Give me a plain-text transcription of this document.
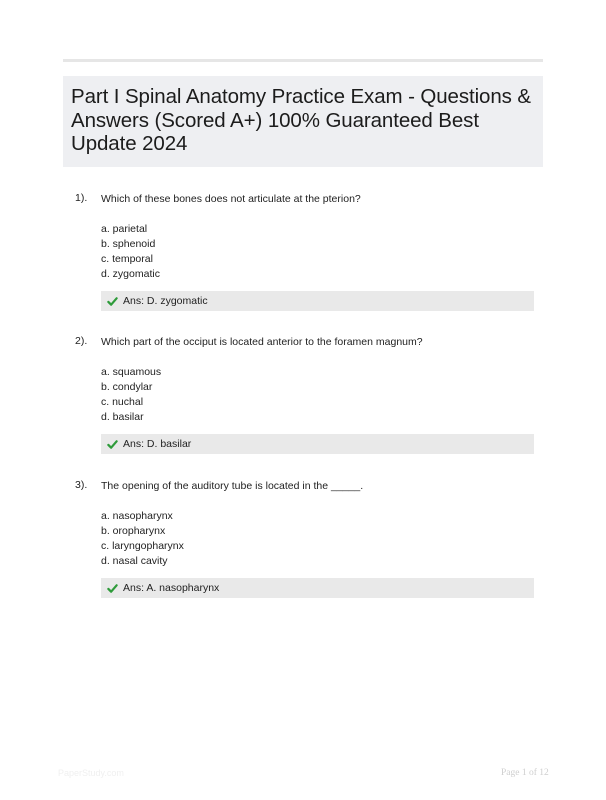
Part I Spinal Anatomy Practice Exam - Questions & Answers (Scored A+) 100% Guaranteed Best Update 2024
1). Which of these bones does not articulate at the pterion?
a. parietal
b. sphenoid
c. temporal
d. zygomatic
Ans: D. zygomatic
2). Which part of the occiput is located anterior to the foramen magnum?
a. squamous
b. condylar
c. nuchal
d. basilar
Ans: D. basilar
3). The opening of the auditory tube is located in the _____.
a. nasopharynx
b. oropharynx
c. laryngopharynx
d. nasal cavity
Ans: A. nasopharynx
PaperStudy.com	Page 1 of 12
